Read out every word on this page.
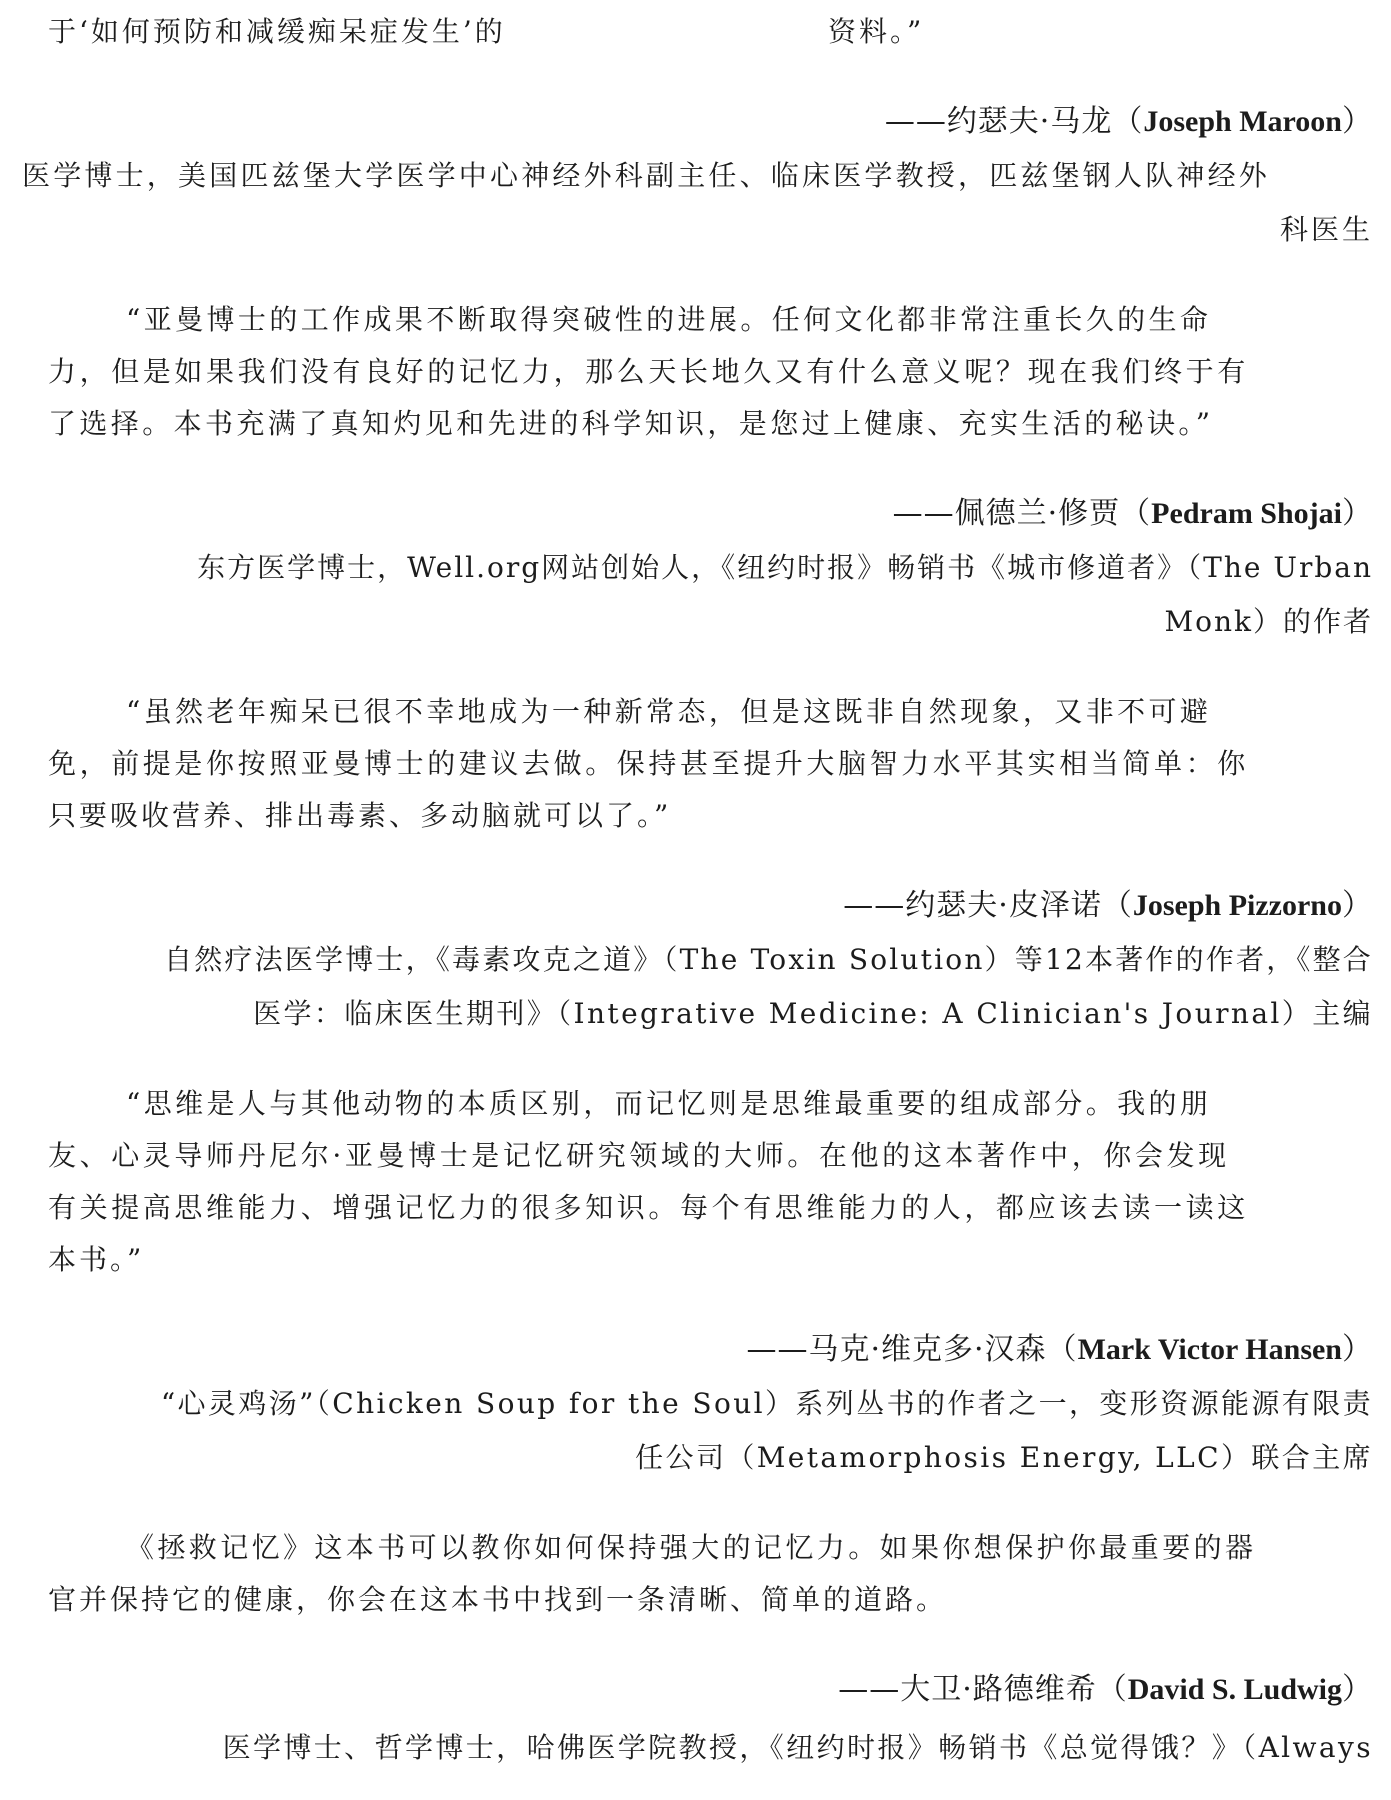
于‘如何预防和减缓痴呆症发生’的	资料。”
——约瑟夫·马龙（Joseph Maroon）
医学博士，美国匹兹堡大学医学中心神经外科副主任、临床医学教授，匹兹堡钢人队神经外
科医生
“亚曼博士的工作成果不断取得突破性的进展。任何文化都非常注重长久的生命
力，但是如果我们没有良好的记忆力，那么天长地久又有什么意义呢？现在我们终于有
了选择。本书充满了真知灼见和先进的科学知识，是您过上健康、充实生活的秘诀。”
——佩德兰·修贾（Pedram Shojai）
东方医学博士，Well.org网站创始人，《纽约时报》畅销书《城市修道者》（The Urban
Monk）的作者
“虽然老年痴呆已很不幸地成为一种新常态，但是这既非自然现象，又非不可避
免，前提是你按照亚曼博士的建议去做。保持甚至提升大脑智力水平其实相当简单：你
只要吸收营养、排出毒素、多动脑就可以了。”
——约瑟夫·皮泽诺（Joseph Pizzorno）
自然疗法医学博士，《毒素攻克之道》（The Toxin Solution）等12本著作的作者，《整合
医学：临床医生期刊》（Integrative Medicine: A Clinician's Journal）主编
“思维是人与其他动物的本质区别，而记忆则是思维最重要的组成部分。我的朋
友、心灵导师丹尼尔·亚曼博士是记忆研究领域的大师。在他的这本著作中，你会发现
有关提高思维能力、增强记忆力的很多知识。每个有思维能力的人，都应该去读一读这
本书。”
——马克·维克多·汉森（Mark Victor Hansen）
“心灵鸡汤”（Chicken Soup for the Soul）系列丛书的作者之一，变形资源能源有限责
任公司（Metamorphosis Energy, LLC）联合主席
《拯救记忆》这本书可以教你如何保持强大的记忆力。如果你想保护你最重要的器
官并保持它的健康，你会在这本书中找到一条清晰、简单的道路。
——大卫·路德维希（David S. Ludwig）
医学博士、哲学博士，哈佛医学院教授，《纽约时报》畅销书《总觉得饿？》（Always
